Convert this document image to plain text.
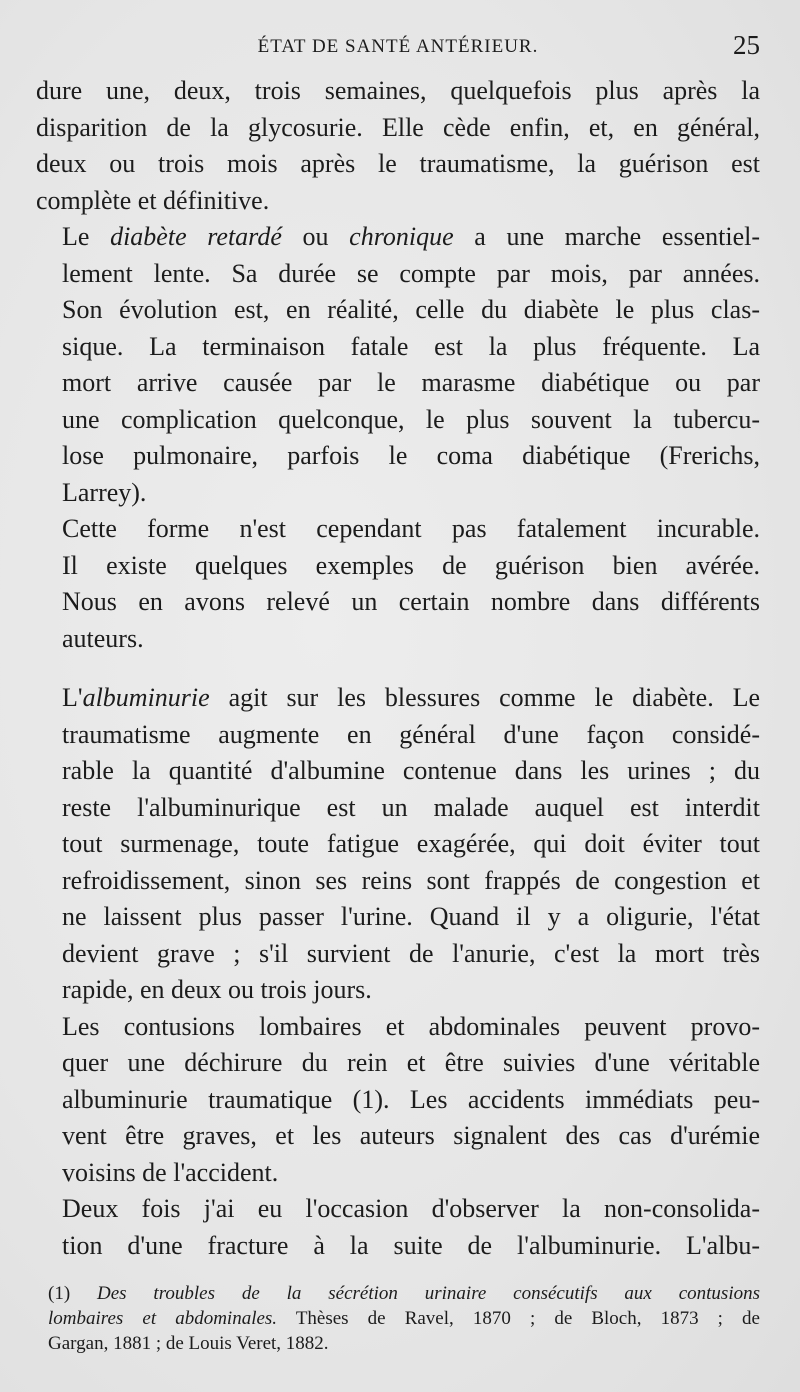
ÉTAT DE SANTÉ ANTÉRIEUR.	25

dure une, deux, trois semaines, quelquefois plus après la
disparition de la glycosurie. Elle cède enfin, et, en général,
deux ou trois mois après le traumatisme, la guérison est
complète et définitive.

Le diabète retardé ou chronique a une marche essentiel-
lement lente. Sa durée se compte par mois, par années.
Son évolution est, en réalité, celle du diabète le plus clas-
sique. La terminaison fatale est la plus fréquente. La
mort arrive causée par le marasme diabétique ou par
une complication quelconque, le plus souvent la tubercu-
lose pulmonaire, parfois le coma diabétique (Frerichs,
Larrey).

Cette forme n'est cependant pas fatalement incurable.
Il existe quelques exemples de guérison bien avérée.
Nous en avons relevé un certain nombre dans différents
auteurs.

L'albuminurie agit sur les blessures comme le diabète. Le
traumatisme augmente en général d'une façon considé-
rable la quantité d'albumine contenue dans les urines ; du
reste l'albuminurique est un malade auquel est interdit
tout surmenage, toute fatigue exagérée, qui doit éviter tout
refroidissement, sinon ses reins sont frappés de congestion et
ne laissent plus passer l'urine. Quand il y a oligurie, l'état
devient grave ; s'il survient de l'anurie, c'est la mort très
rapide, en deux ou trois jours.

Les contusions lombaires et abdominales peuvent provo-
quer une déchirure du rein et être suivies d'une véritable
albuminurie traumatique (1). Les accidents immédiats peu-
vent être graves, et les auteurs signalent des cas d'urémie
voisins de l'accident.

Deux fois j'ai eu l'occasion d'observer la non-consolida-
tion d'une fracture à la suite de l'albuminurie. L'albu-

(1) Des troubles de la sécrétion urinaire consécutifs aux contusions
lombaires et abdominales. Thèses de Ravel, 1870 ; de Bloch, 1873 ; de
Gargan, 1881 ; de Louis Veret, 1882.
